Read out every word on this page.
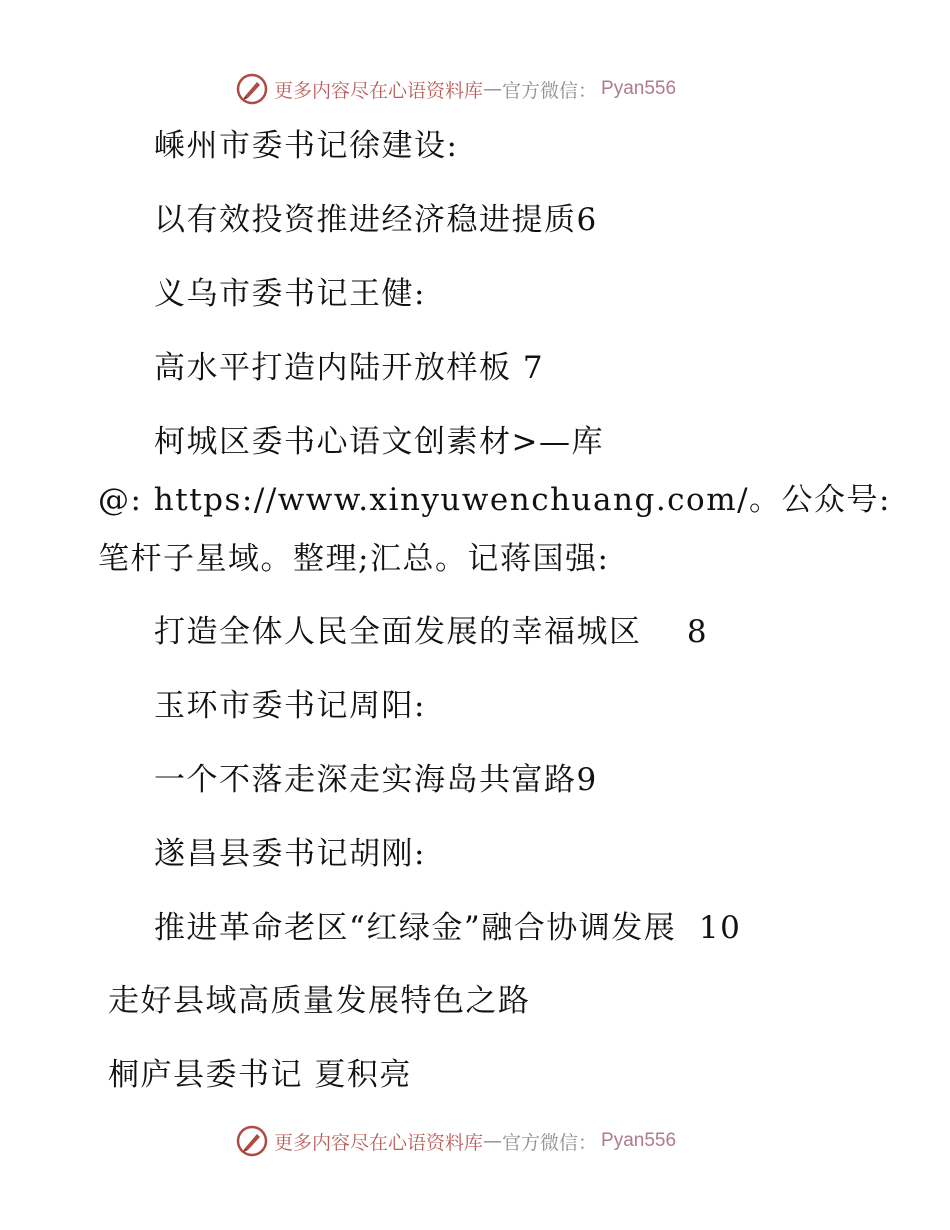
更多内容尽在心语资料库 — 官方微信： Pyan556
嵊州市委书记徐建设:
以有效投资推进经济稳进提质6
义乌市委书记王健:
高水平打造内陆开放样板 7
柯城区委书心语文创素材>—库
@: https://www.xinyuwenchuang.com/。公众号:
笔杆子星域。整理;汇总。记蒋国强:
打造全体人民全面发展的幸福城区    8
玉环市委书记周阳:
一个不落走深走实海岛共富路9
遂昌县委书记胡刚:
推进革命老区“红绿金”融合协调发展  10
走好县域高质量发展特色之路
桐庐县委书记 夏积亮
更多内容尽在心语资料库 — 官方微信： Pyan556
